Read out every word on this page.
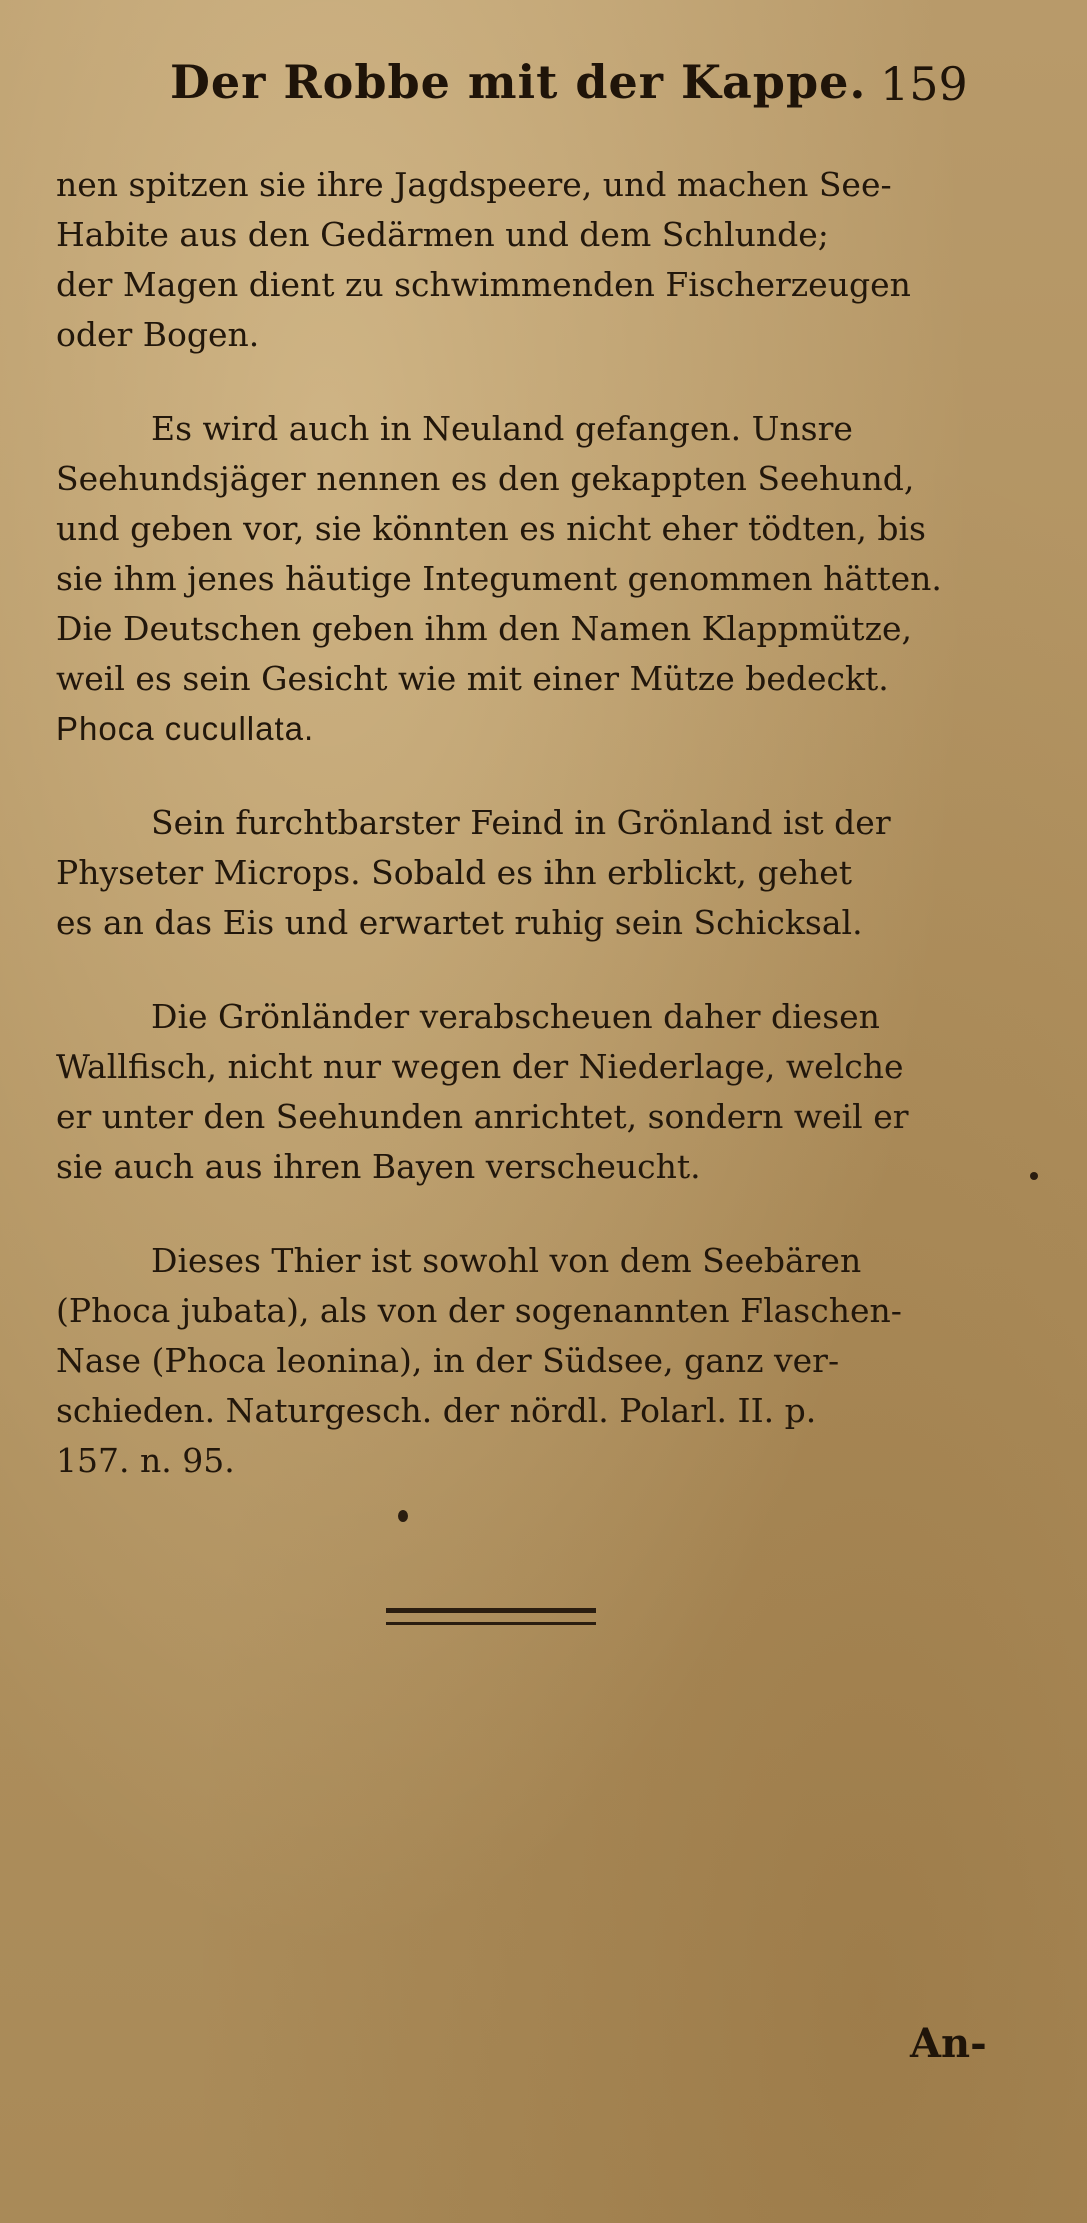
Der Robbe mit der Kappe. 159

nen spitzen sie ihre Jagdspeere, und machen See-
Habite aus den Gedärmen und dem Schlunde;
der Magen dient zu schwimmenden Fischerzeugen
oder Bogen.

Es wird auch in Neuland gefangen. Unsre
Seehundsjäger nennen es den gekappten Seehund,
und geben vor, sie könnten es nicht eher tödten, bis
sie ihm jenes häutige Integument genommen hätten.
Die Deutschen geben ihm den Namen Klappmütze,
weil es sein Gesicht wie mit einer Mütze bedeckt.
Phoca cucullata.

Sein furchtbarster Feind in Grönland ist der
Physeter Microps. Sobald es ihn erblickt, gehet
es an das Eis und erwartet ruhig sein Schicksal.

Die Grönländer verabscheuen daher diesen
Wallfisch, nicht nur wegen der Niederlage, welche
er unter den Seehunden anrichtet, sondern weil er
sie auch aus ihren Bayen verscheucht.

Dieses Thier ist sowohl von dem Seebären
(Phoca jubata), als von der sogenannten Flaschen-
Nase (Phoca leonina), in der Südsee, ganz ver-
schieden. Naturgesch. der nördl. Polarl. II. p.
157. n. 95.

An-
